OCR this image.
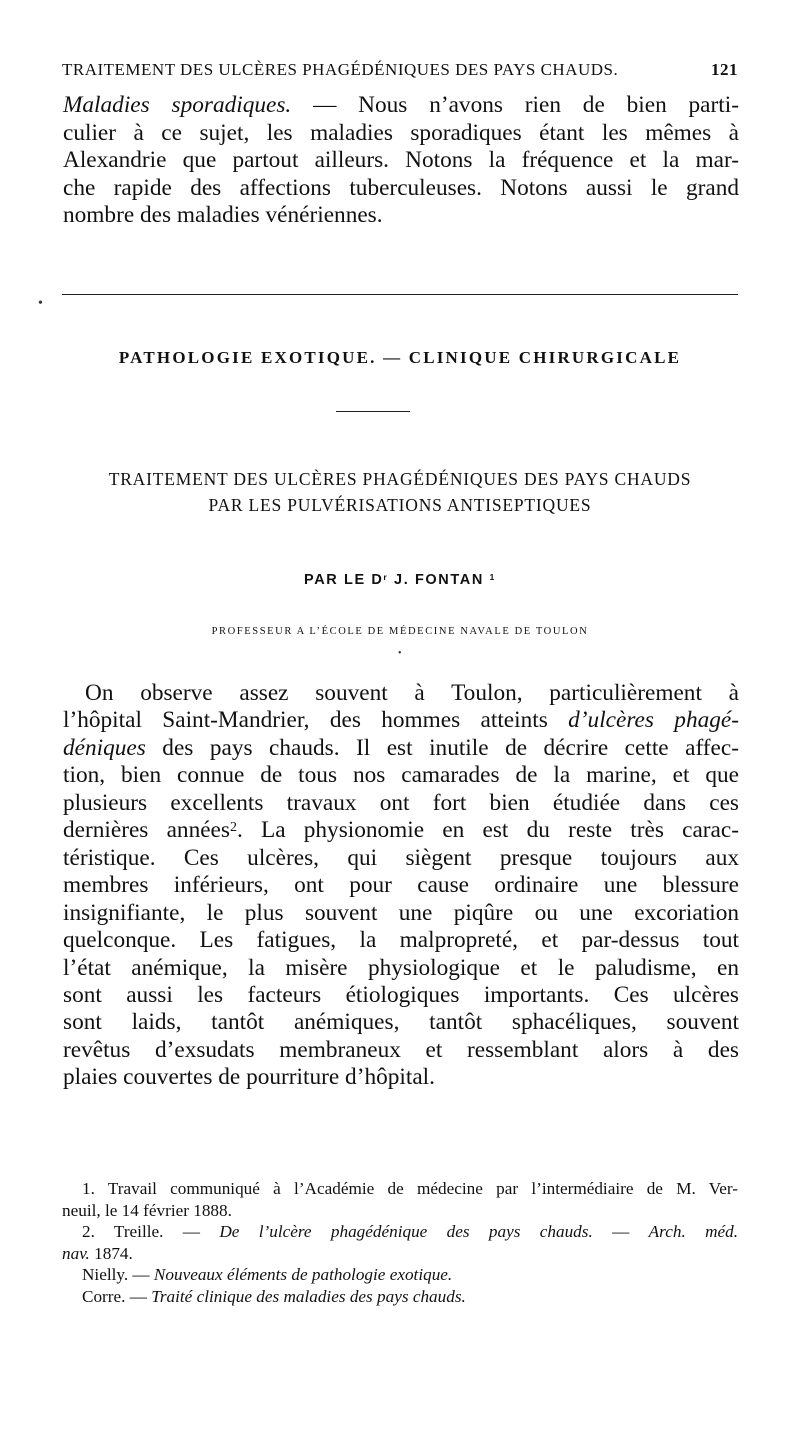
TRAITEMENT DES ULCÈRES PHAGÉDÉNIQUES DES PAYS CHAUDS.	121
Maladies sporadiques. — Nous n’avons rien de bien parti-
culier à ce sujet, les maladies sporadiques étant les mêmes à
Alexandrie que partout ailleurs. Notons la fréquence et la mar-
che rapide des affections tuberculeuses. Notons aussi le grand
nombre des maladies vénériennes.
•
PATHOLOGIE EXOTIQUE. — CLINIQUE CHIRURGICALE
TRAITEMENT DES ULCÈRES PHAGÉDÉNIQUES DES PAYS CHAUDS
PAR LES PULVÉRISATIONS ANTISEPTIQUES
PAR LE $D^r$ J. FONTAN $^1$
PROFESSEUR A L’ÉCOLE DE MÉDECINE NAVALE DE TOULON
•
On observe assez souvent à Toulon, particulièrement à
l’hôpital Saint-Mandrier, des hommes atteints d’ulcères phagé-
déniques des pays chauds. Il est inutile de décrire cette affec-
tion, bien connue de tous nos camarades de la marine, et que
plusieurs excellents travaux ont fort bien étudiée dans ces
dernières années$^2$. La physionomie en est du reste très carac-
téristique. Ces ulcères, qui siègent presque toujours aux
membres inférieurs, ont pour cause ordinaire une blessure
insignifiante, le plus souvent une piqûre ou une excoriation
quelconque. Les fatigues, la malpropreté, et par-dessus tout
l’état anémique, la misère physiologique et le paludisme, en
sont aussi les facteurs étiologiques importants. Ces ulcères
sont laids, tantôt anémiques, tantôt sphacéliques, souvent
revêtus d’exsudats membraneux et ressemblant alors à des
plaies couvertes de pourriture d’hôpital.
1. Travail communiqué à l’Académie de médecine par l’intermédiaire de M. Ver-
neuil, le 14 février 1888.
2. Treille. — De l’ulcère phagédénique des pays chauds. — Arch. méd.
nav. 1874.
Nielly. — Nouveaux éléments de pathologie exotique.
Corre. — Traité clinique des maladies des pays chauds.
